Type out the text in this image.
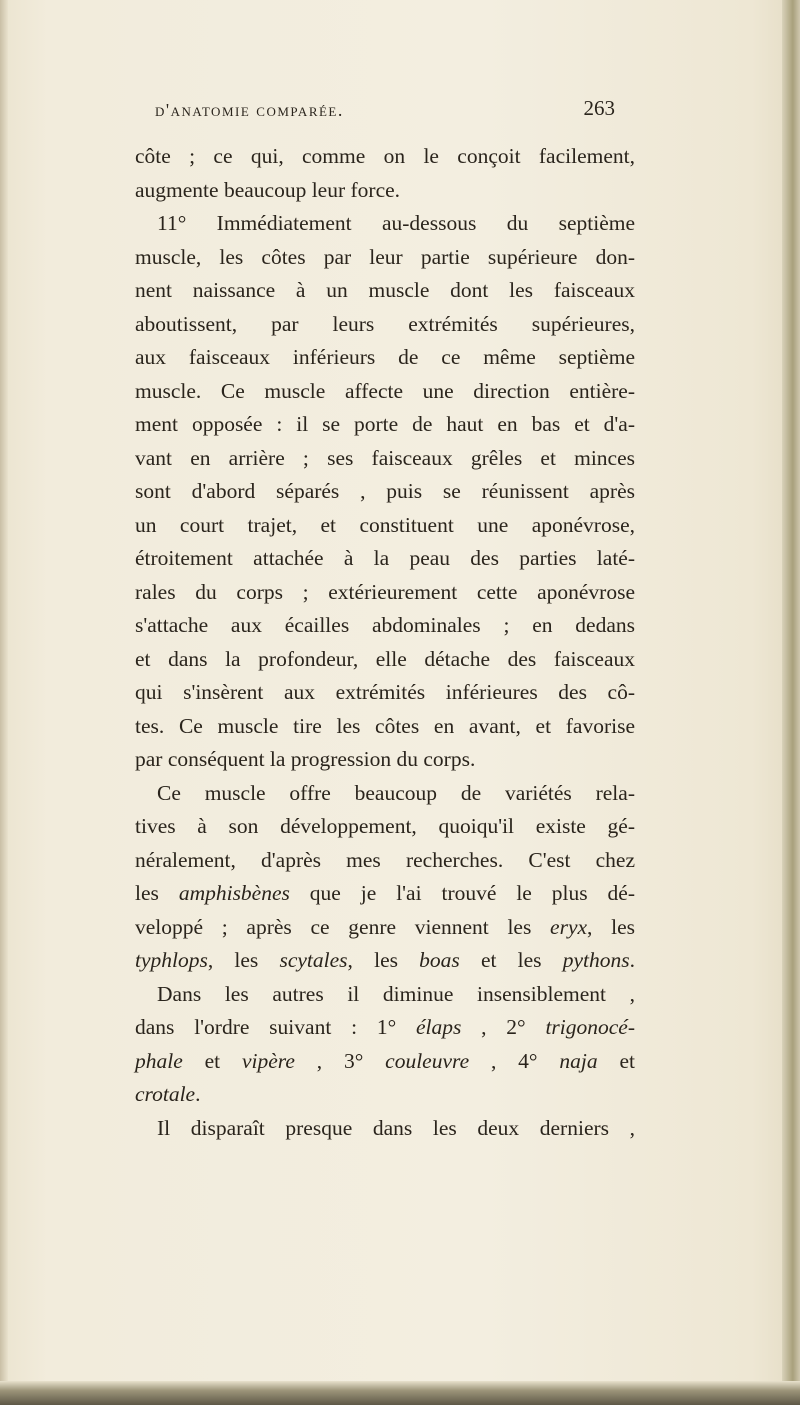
d'anatomie comparée.	263
côte ; ce qui, comme on le conçoit facilement,
augmente beaucoup leur force.
11° Immédiatement au-dessous du septième
muscle, les côtes par leur partie supérieure don-
nent naissance à un muscle dont les faisceaux
aboutissent, par leurs extrémités supérieures,
aux faisceaux inférieurs de ce même septième
muscle. Ce muscle affecte une direction entière-
ment opposée : il se porte de haut en bas et d'a-
vant en arrière ; ses faisceaux grêles et minces
sont d'abord séparés , puis se réunissent après
un court trajet, et constituent une aponévrose,
étroitement attachée à la peau des parties laté-
rales du corps ; extérieurement cette aponévrose
s'attache aux écailles abdominales ; en dedans
et dans la profondeur, elle détache des faisceaux
qui s'insèrent aux extrémités inférieures des cô-
tes. Ce muscle tire les côtes en avant, et favorise
par conséquent la progression du corps.
Ce muscle offre beaucoup de variétés rela-
tives à son développement, quoiqu'il existe gé-
néralement, d'après mes recherches. C'est chez
les amphisbènes que je l'ai trouvé le plus dé-
veloppé ; après ce genre viennent les eryx, les
typhlops, les scytales, les boas et les pythons.
Dans les autres il diminue insensiblement ,
dans l'ordre suivant : 1° élaps , 2° trigonocé-
phale et vipère , 3° couleuvre , 4° naja et
crotale.
Il disparaît presque dans les deux derniers ,
